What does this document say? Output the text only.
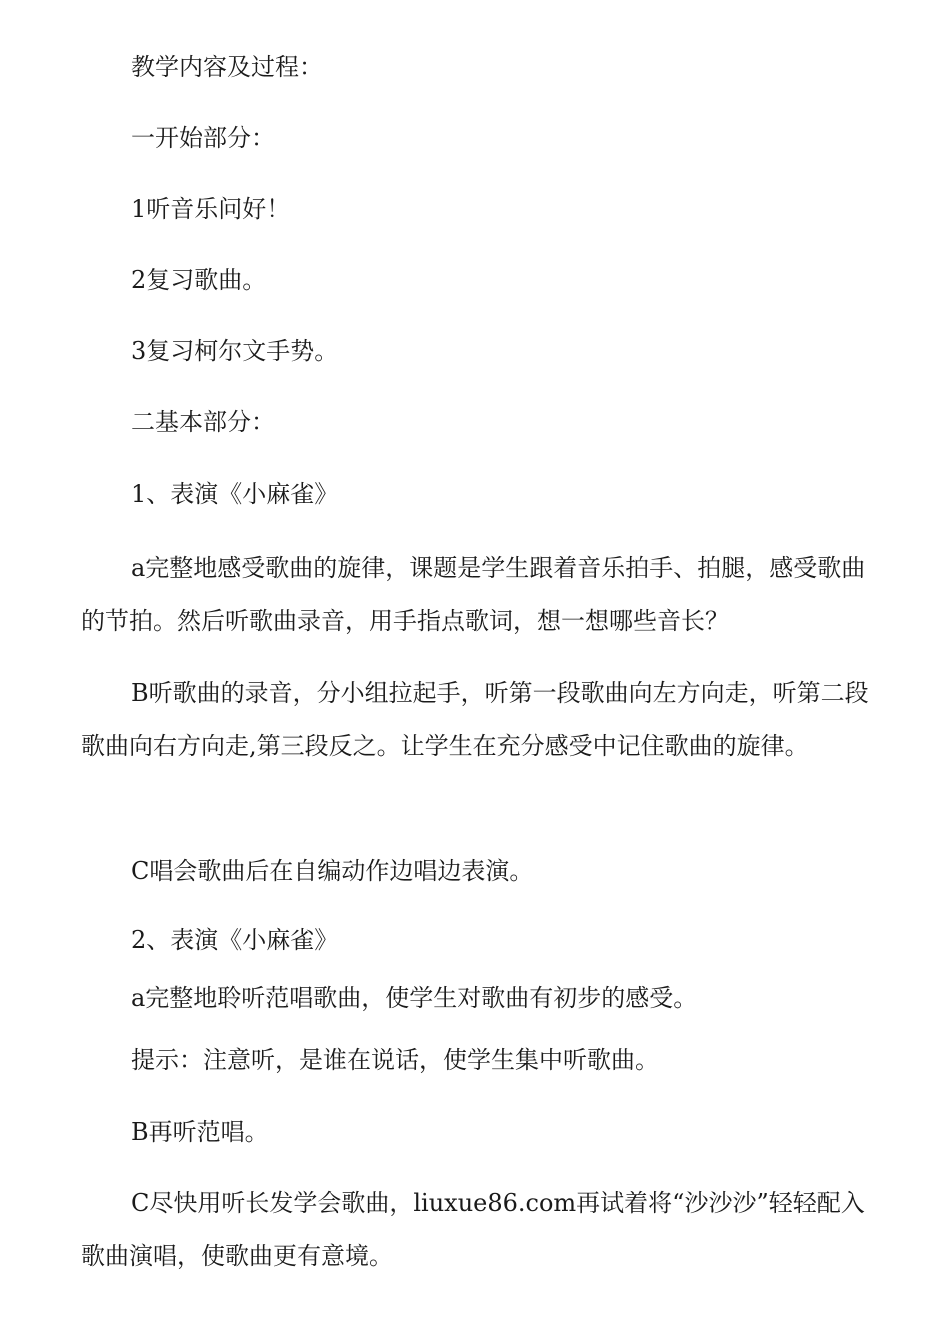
教学内容及过程：

一开始部分：

1听音乐问好！

2复习歌曲。

3复习柯尔文手势。

二基本部分：

1、表演《小麻雀》

a完整地感受歌曲的旋律，课题是学生跟着音乐拍手、拍腿，感受歌曲的节拍。然后听歌曲录音，用手指点歌词，想一想哪些音长？

B听歌曲的录音，分小组拉起手，听第一段歌曲向左方向走，听第二段歌曲向右方向走,第三段反之。让学生在充分感受中记住歌曲的旋律。

C唱会歌曲后在自编动作边唱边表演。

2、表演《小麻雀》

a完整地聆听范唱歌曲，使学生对歌曲有初步的感受。

提示：注意听，是谁在说话，使学生集中听歌曲。

B再听范唱。

C尽快用听长发学会歌曲，liuxue86.com再试着将“沙沙沙”轻轻配入歌曲演唱，使歌曲更有意境。
